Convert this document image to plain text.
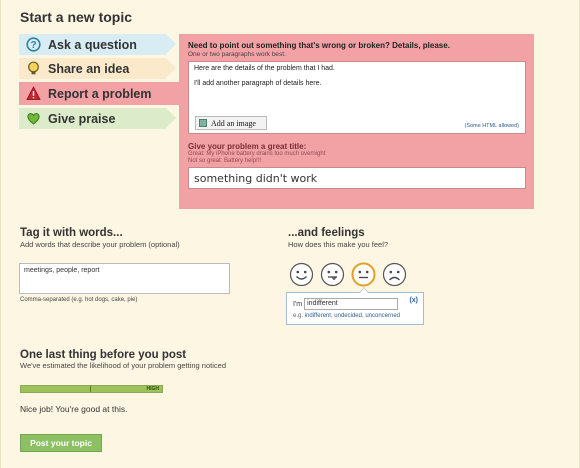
Start a new topic
? Ask a question
Share an idea
Report a problem
Give praise
Need to point out something that's wrong or broken? Details, please.
One or two paragraphs work best.

Here are the details of the problem that I had.

I'll add another paragraph of details here.

Add an image	(Some HTML allowed)
Give your problem a great title:
Great: My iPhone battery drains too much overnight
Not so great: Battery help!!!
something didn't work
Tag it with words...
Add words that describe your problem (optional)
meetings, people, report
Comma-separated (e.g. hot dogs, cake, pie)
...and feelings
How does this make you feel?
I'm indifferent	(x)
e.g. indifferent, undecided, unconcerned
One last thing before you post
We've estimated the likelihood of your problem getting noticed
HIGH
Nice job! You're good at this.
Post your topic
